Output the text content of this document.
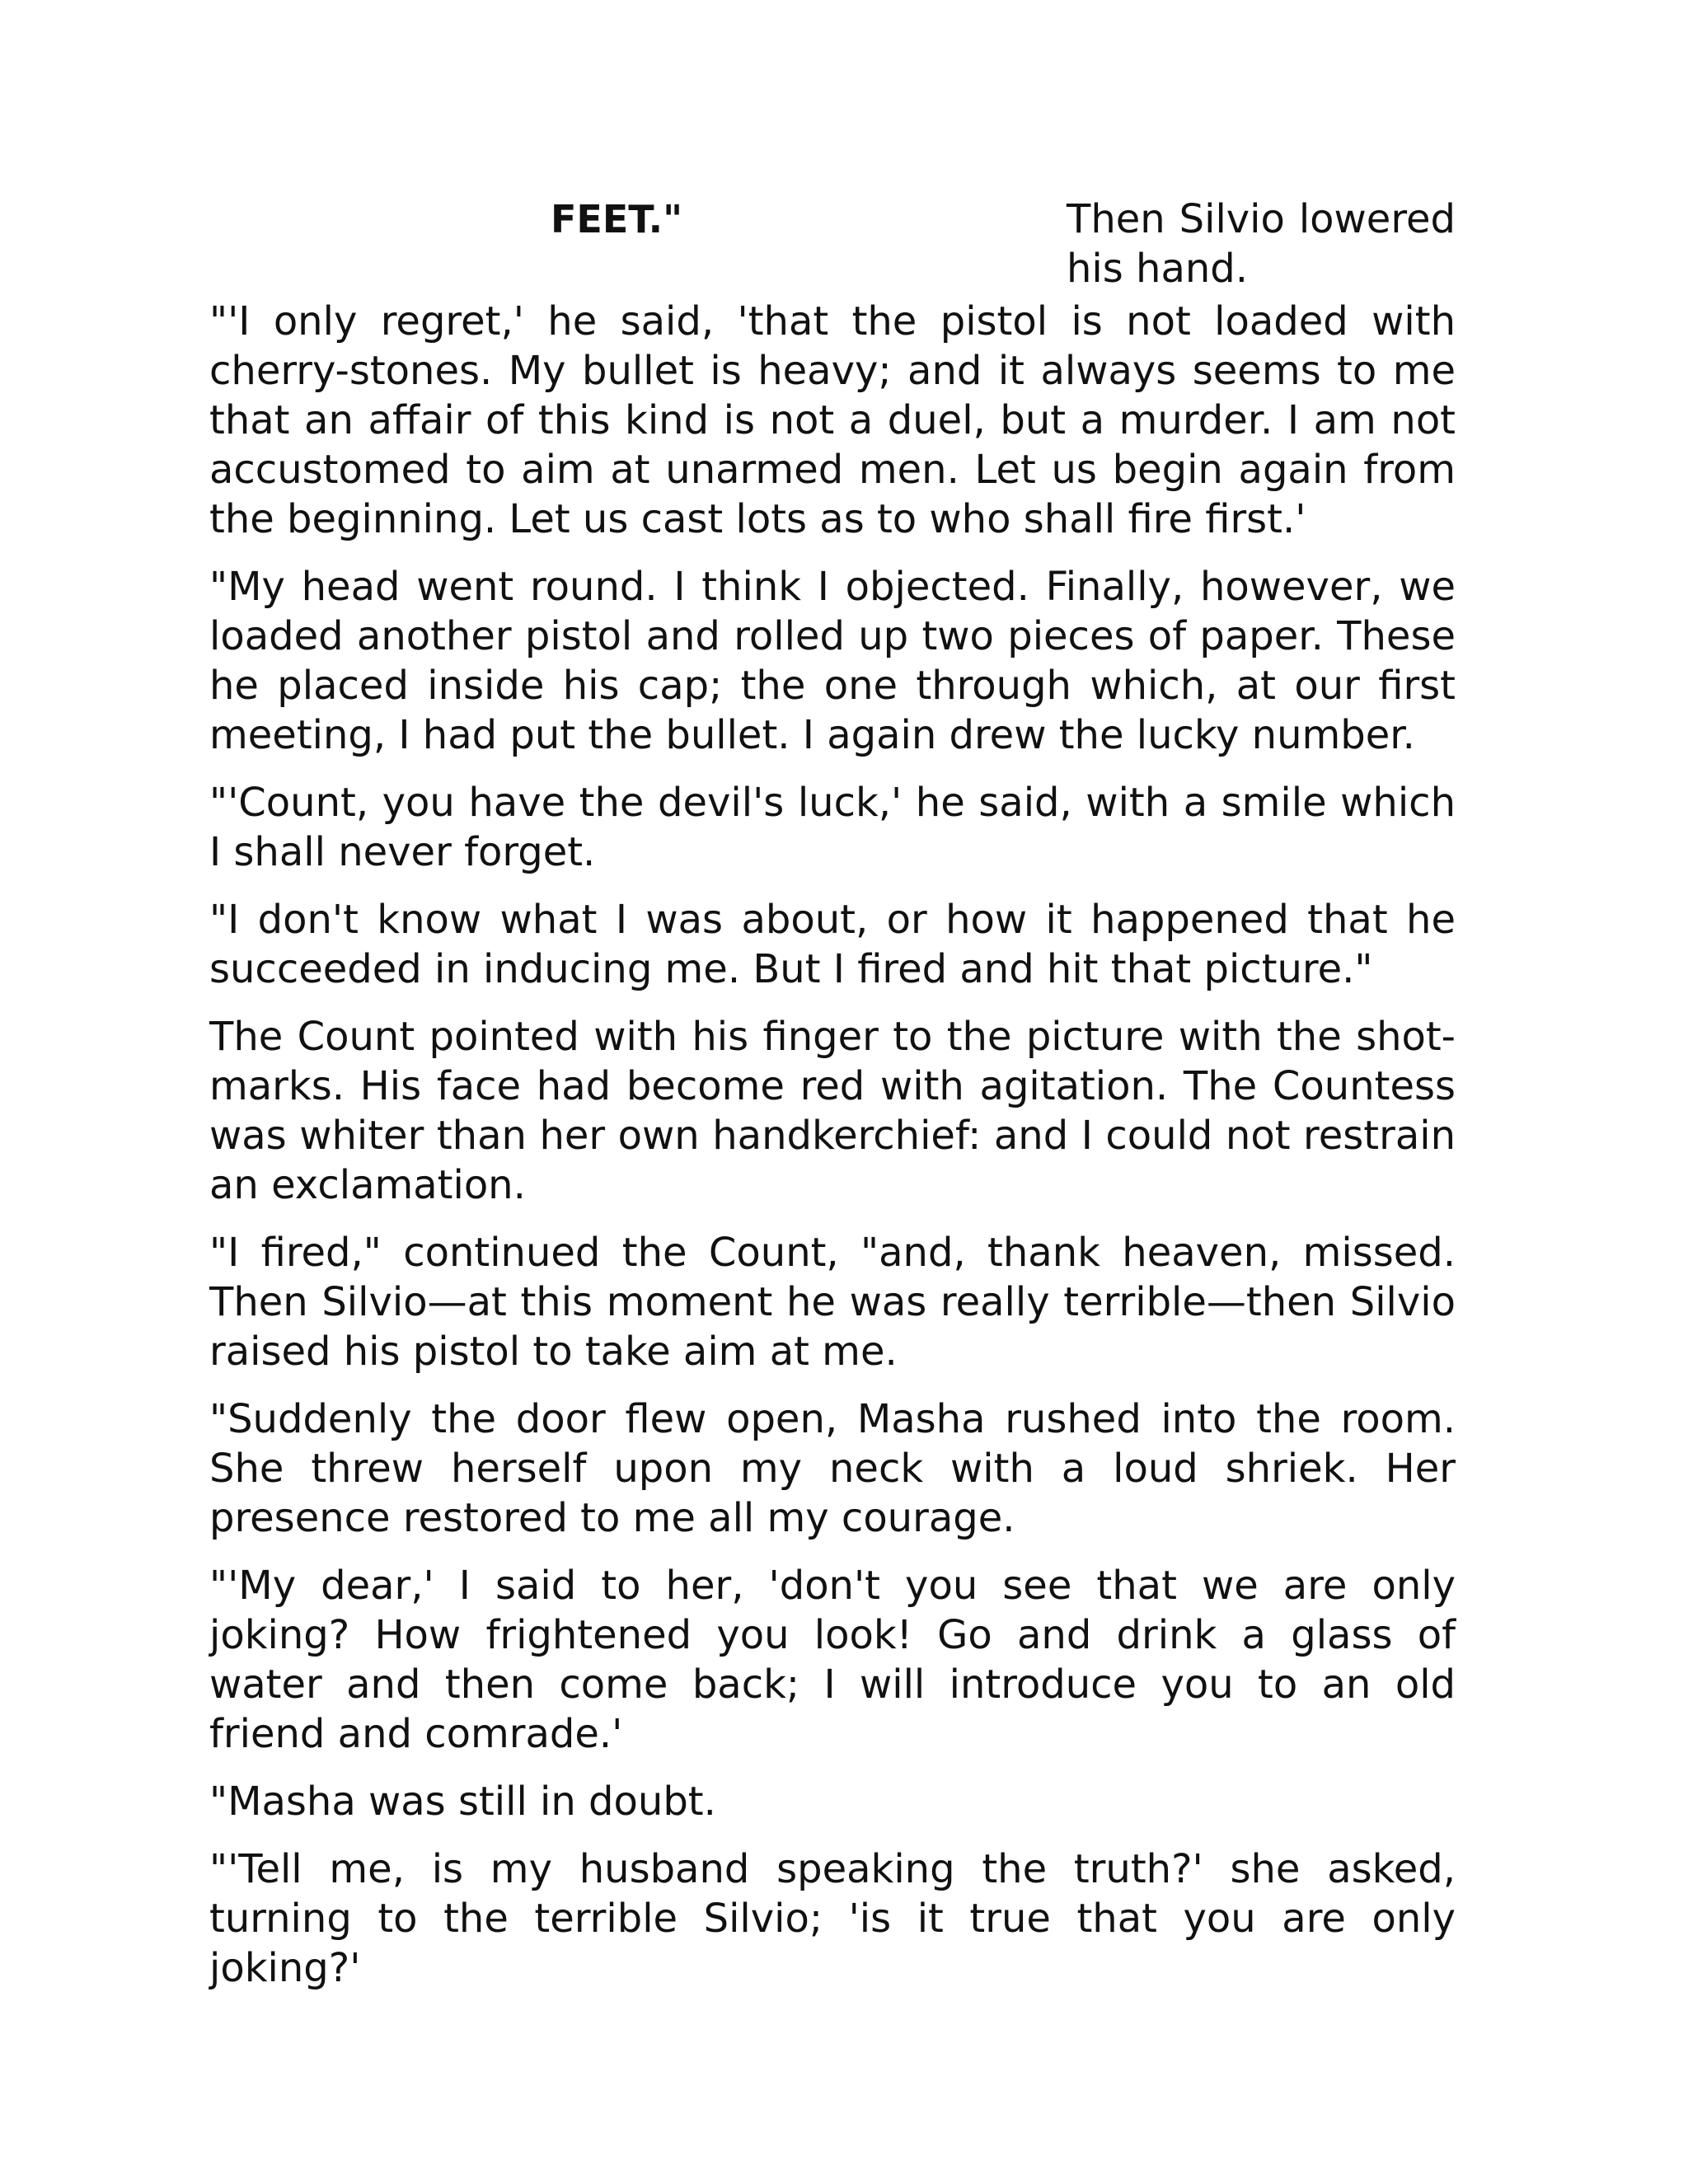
FEET."	Then Silvio lowered his hand.

"'I only regret,' he said, 'that the pistol is not loaded with cherry-stones. My bullet is heavy; and it always seems to me that an affair of this kind is not a duel, but a murder. I am not accustomed to aim at unarmed men. Let us begin again from the beginning. Let us cast lots as to who shall fire first.'

"My head went round. I think I objected. Finally, however, we loaded another pistol and rolled up two pieces of paper. These he placed inside his cap; the one through which, at our first meeting, I had put the bullet. I again drew the lucky number.

"'Count, you have the devil's luck,' he said, with a smile which I shall never forget.

"I don't know what I was about, or how it happened that he succeeded in inducing me. But I fired and hit that picture."

The Count pointed with his finger to the picture with the shot-marks. His face had become red with agitation. The Countess was whiter than her own handkerchief: and I could not restrain an exclamation.

"I fired," continued the Count, "and, thank heaven, missed. Then Silvio—at this moment he was really terrible—then Silvio raised his pistol to take aim at me.

"Suddenly the door flew open, Masha rushed into the room. She threw herself upon my neck with a loud shriek. Her presence restored to me all my courage.

"'My dear,' I said to her, 'don't you see that we are only joking? How frightened you look! Go and drink a glass of water and then come back; I will introduce you to an old friend and comrade.'

"Masha was still in doubt.

"'Tell me, is my husband speaking the truth?' she asked, turning to the terrible Silvio; 'is it true that you are only joking?'
